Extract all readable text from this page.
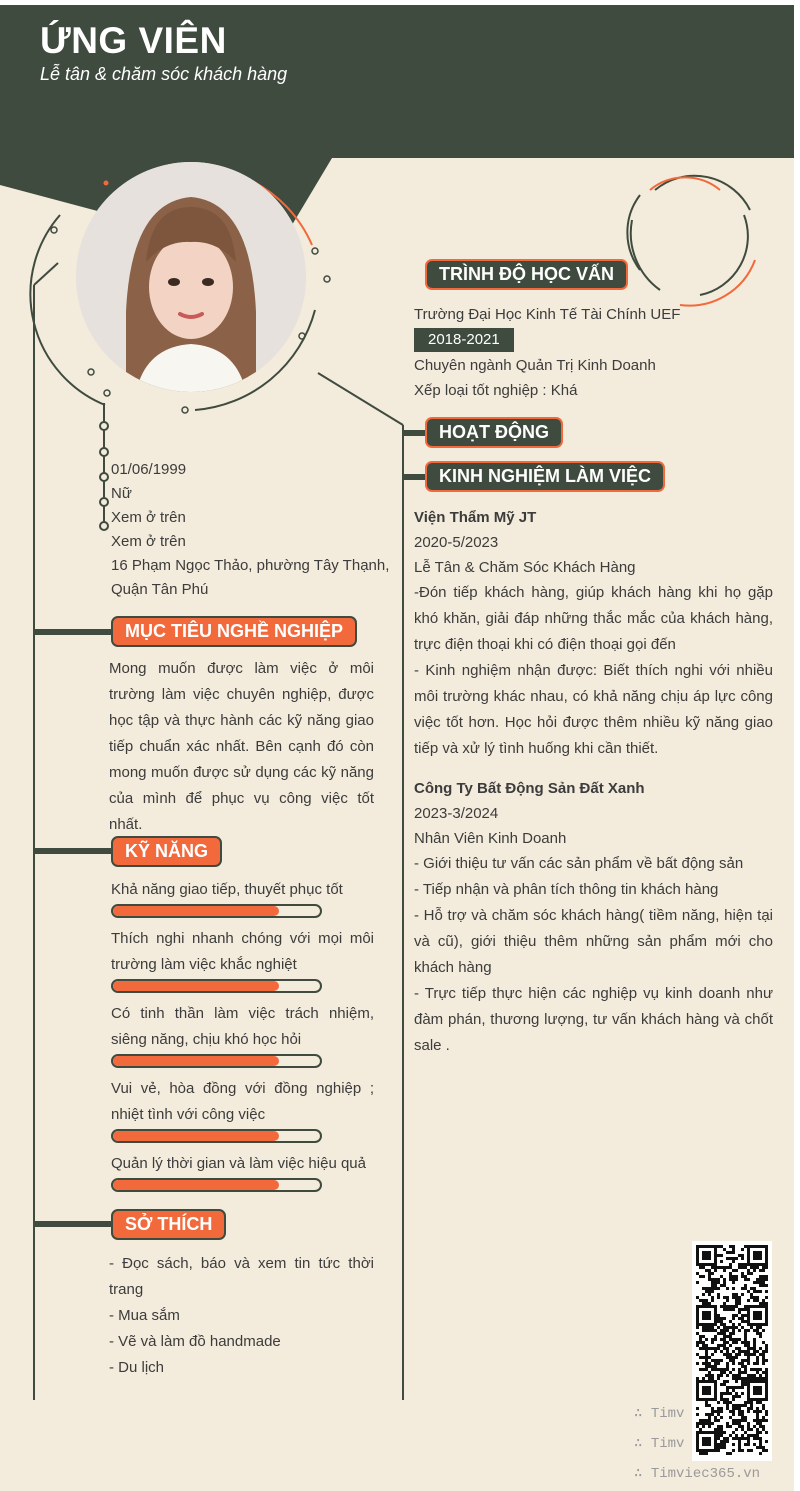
ỨNG VIÊN
Lễ tân & chăm sóc khách hàng
01/06/1999
Nữ
Xem ở trên
Xem ở trên
16 Phạm Ngọc Thảo, phường Tây Thạnh, Quận Tân Phú
MỤC TIÊU NGHỀ NGHIỆP
Mong muốn được làm việc ở môi trường làm việc chuyên nghiệp, được học tập và thực hành các kỹ năng giao tiếp chuẩn xác nhất. Bên cạnh đó còn mong muốn được sử dụng các kỹ năng của mình để phục vụ công việc tốt nhất.
KỸ NĂNG
Khả năng giao tiếp, thuyết phục tốt
Thích nghi nhanh chóng với mọi môi trường làm việc khắc nghiệt
Có tinh thần làm việc trách nhiệm, siêng năng, chịu khó học hỏi
Vui vẻ, hòa đồng với đồng nghiệp ; nhiệt tình với công việc
Quản lý thời gian và làm việc hiệu quả
SỞ THÍCH
- Đọc sách, báo và xem tin tức thời trang
- Mua sắm
- Vẽ và làm đồ handmade
- Du lịch
TRÌNH ĐỘ HỌC VẤN
Trường Đại Học Kinh Tế Tài Chính UEF
2018-2021
Chuyên ngành Quản Trị Kinh Doanh
Xếp loại tốt nghiệp : Khá
HOẠT ĐỘNG
KINH NGHIỆM LÀM VIỆC
Viện Thẩm Mỹ JT
2020-5/2023
Lễ Tân & Chăm Sóc Khách Hàng
-Đón tiếp khách hàng, giúp khách hàng khi họ gặp khó khăn, giải đáp những thắc mắc của khách hàng, trực điện thoại khi có điện thoại gọi đến
- Kinh nghiệm nhận được: Biết thích nghi với nhiều môi trường khác nhau, có khả năng chịu áp lực công việc tốt hơn. Học hỏi được thêm nhiều kỹ năng giao tiếp và xử lý tình huống khi cần thiết.
Công Ty Bất Động Sản Đất Xanh
2023-3/2024
Nhân Viên Kinh Doanh
- Giới thiệu tư vấn các sản phẩm về bất động sản
- Tiếp nhận và phân tích thông tin khách hàng
- Hỗ trợ và chăm sóc khách hàng( tiềm năng, hiện tại và cũ), giới thiệu thêm những sản phẩm mới cho khách hàng
- Trực tiếp thực hiện các nghiệp vụ kinh doanh như đàm phán, thương lượng, tư vấn khách hàng và chốt sale .
∴ Timv
∴ Timv
∴ Timviec365.vn
